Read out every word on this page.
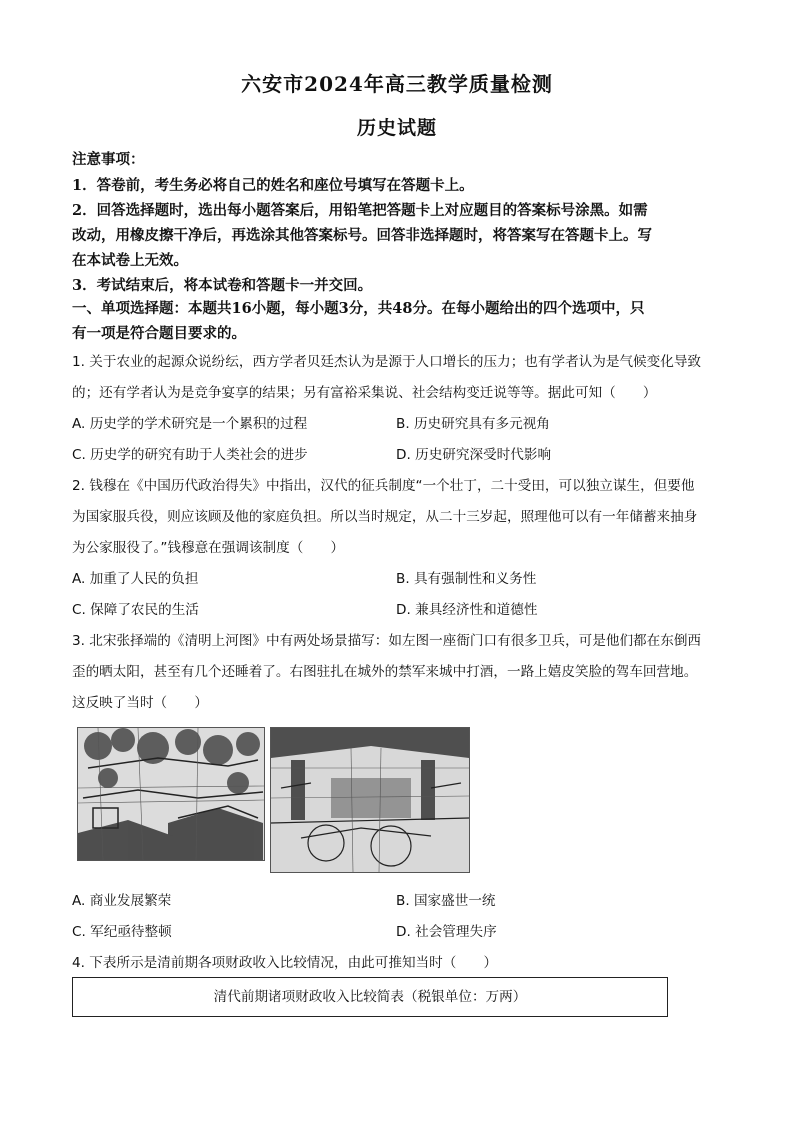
六安市2024年高三教学质量检测
历史试题
注意事项：
1．答卷前，考生务必将自己的姓名和座位号填写在答题卡上。
2．回答选择题时，选出每小题答案后，用铅笔把答题卡上对应题目的答案标号涂黑。如需
改动，用橡皮擦干净后，再选涂其他答案标号。回答非选择题时，将答案写在答题卡上。写
在本试卷上无效。
3．考试结束后，将本试卷和答题卡一并交回。
一、单项选择题：本题共16小题，每小题3分，共48分。在每小题给出的四个选项中，只
有一项是符合题目要求的。
1. 关于农业的起源众说纷纭，西方学者贝廷杰认为是源于人口增长的压力；也有学者认为是气候变化导致
的；还有学者认为是竞争宴享的结果；另有富裕采集说、社会结构变迁说等等。据此可知（　　）
A. 历史学的学术研究是一个累积的过程	B. 历史研究具有多元视角
C. 历史学的研究有助于人类社会的进步	D. 历史研究深受时代影响
2. 钱穆在《中国历代政治得失》中指出，汉代的征兵制度“一个壮丁，二十受田，可以独立谋生，但要他
为国家服兵役，则应该顾及他的家庭负担。所以当时规定，从二十三岁起，照理他可以有一年储蓄来抽身
为公家服役了。”钱穆意在强调该制度（　　）
A. 加重了人民的负担	B. 具有强制性和义务性
C. 保障了农民的生活	D. 兼具经济性和道德性
3. 北宋张择端的《清明上河图》中有两处场景描写：如左图一座衙门口有很多卫兵，可是他们都在东倒西
歪的晒太阳，甚至有几个还睡着了。右图驻扎在城外的禁军来城中打酒，一路上嬉皮笑脸的驾车回营地。
这反映了当时（　　）
A. 商业发展繁荣	B. 国家盛世一统
C. 军纪亟待整顿	D. 社会管理失序
4. 下表所示是清前期各项财政收入比较情况，由此可推知当时（　　）
清代前期诸项财政收入比较简表（税银单位：万两）
